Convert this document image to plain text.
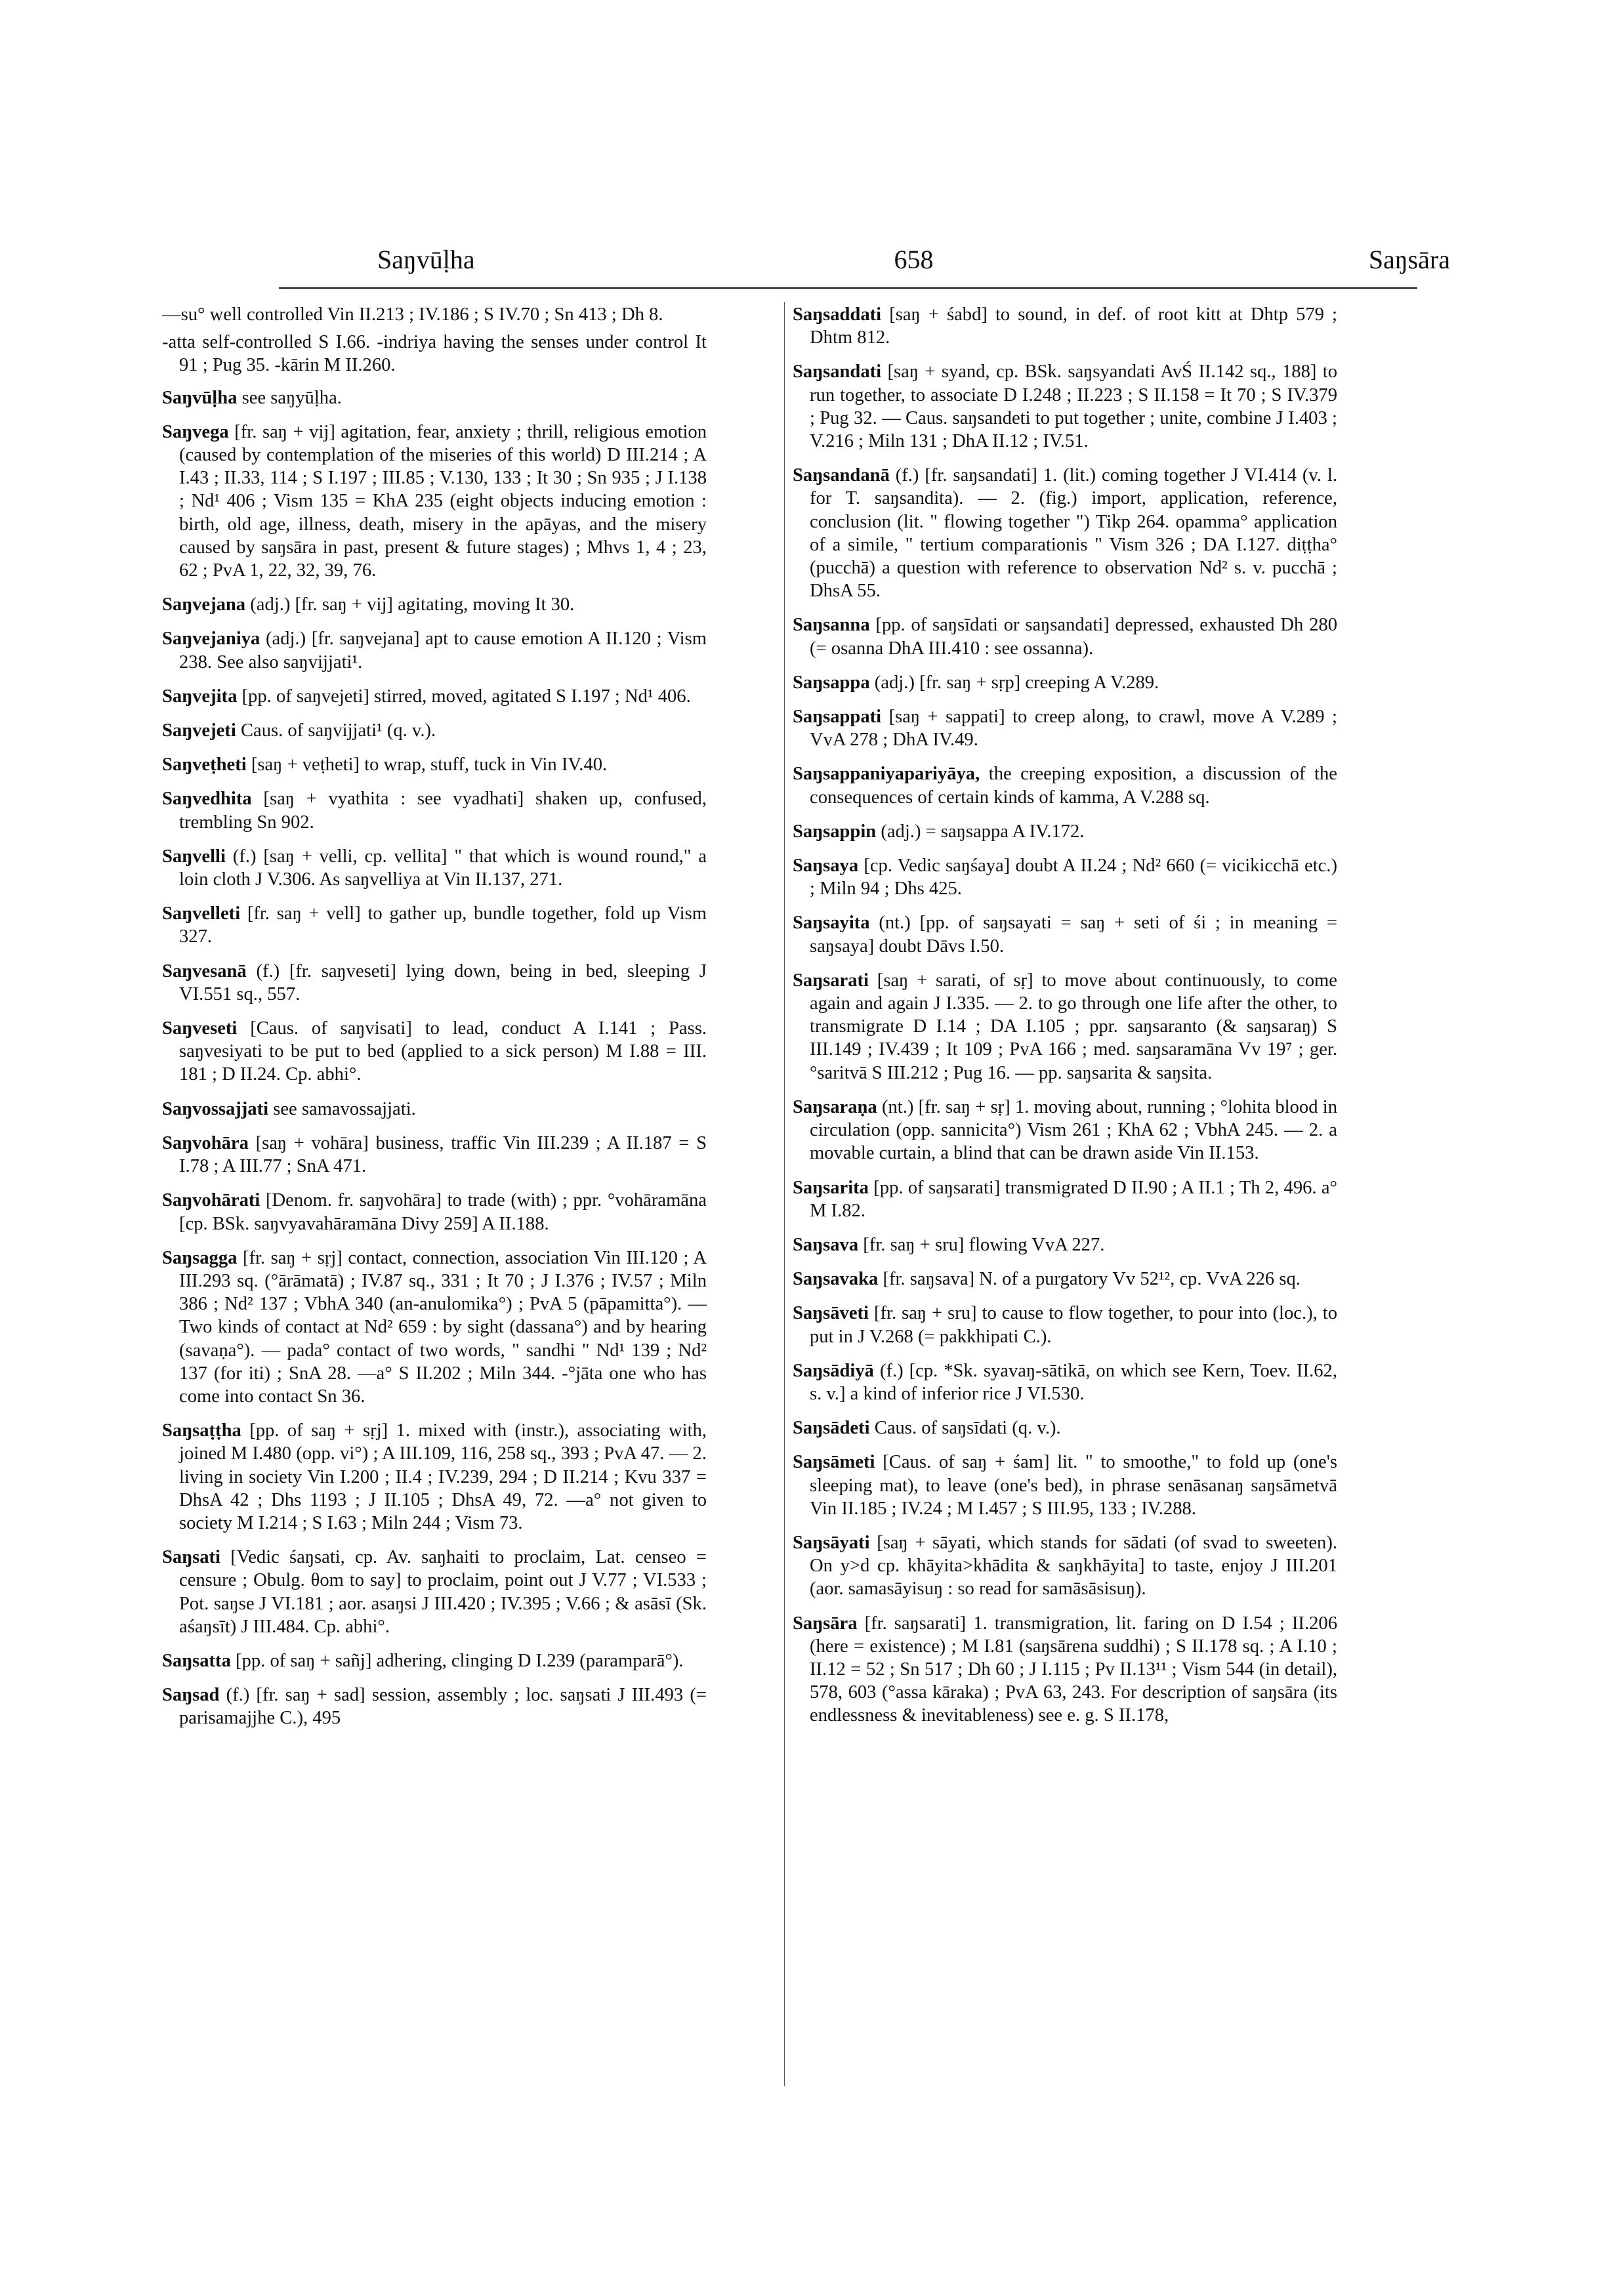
Saŋvūḷha	658	Saŋsāra

—su° well controlled Vin II.213 ; IV.186 ; S IV.70 ; Sn 413 ; Dh 8.

-atta self-controlled S I.66. -indriya having the senses under control It 91 ; Pug 35. -kārin M II.260.

Saŋvūḷha see saŋyūḷha.

Saŋvega [fr. saŋ + vij] agitation, fear, anxiety ; thrill, religious emotion (caused by contemplation of the miseries of this world) D III.214 ; A I.43 ; II.33, 114 ; S I.197 ; III.85 ; V.130, 133 ; It 30 ; Sn 935 ; J I.138 ; Nd¹ 406 ; Vism 135 = KhA 235 (eight objects inducing emotion : birth, old age, illness, death, misery in the apāyas, and the misery caused by saŋsāra in past, present & future stages) ; Mhvs 1, 4 ; 23, 62 ; PvA 1, 22, 32, 39, 76.

Saŋvejana (adj.) [fr. saŋ + vij] agitating, moving It 30.

Saŋvejaniya (adj.) [fr. saŋvejana] apt to cause emotion A II.120 ; Vism 238. See also saŋvijjati¹.

Saŋvejita [pp. of saŋvejeti] stirred, moved, agitated S I.197 ; Nd¹ 406.

Saŋvejeti Caus. of saŋvijjati¹ (q. v.).

Saŋveṭheti [saŋ + veṭheti] to wrap, stuff, tuck in Vin IV.40.

Saŋvedhita [saŋ + vyathita : see vyadhati] shaken up, confused, trembling Sn 902.

Saŋvelli (f.) [saŋ + velli, cp. vellita] " that which is wound round," a loin cloth J V.306. As saŋvelliya at Vin II.137, 271.

Saŋvelleti [fr. saŋ + vell] to gather up, bundle together, fold up Vism 327.

Saŋvesanā (f.) [fr. saŋveseti] lying down, being in bed, sleeping J VI.551 sq., 557.

Saŋveseti [Caus. of saŋvisati] to lead, conduct A I.141 ; Pass. saŋvesiyati to be put to bed (applied to a sick person) M I.88 = III. 181 ; D II.24. Cp. abhi°.

Saŋvossajjati see samavossajjati.

Saŋvohāra [saŋ + vohāra] business, traffic Vin III.239 ; A II.187 = S I.78 ; A III.77 ; SnA 471.

Saŋvohārati [Denom. fr. saŋvohāra] to trade (with) ; ppr. °vohāramāna [cp. BSk. saŋvyavahāramāna Divy 259] A II.188.

Saŋsagga [fr. saŋ + sṛj] contact, connection, association Vin III.120 ; A III.293 sq. (°ārāmatā) ; IV.87 sq., 331 ; It 70 ; J I.376 ; IV.57 ; Miln 386 ; Nd² 137 ; VbhA 340 (an-anulomika°) ; PvA 5 (pāpamitta°). — Two kinds of contact at Nd² 659 : by sight (dassana°) and by hearing (savaṇa°). — pada° contact of two words, " sandhi " Nd¹ 139 ; Nd² 137 (for iti) ; SnA 28. —a° S II.202 ; Miln 344. -°jāta one who has come into contact Sn 36.

Saŋsaṭṭha [pp. of saŋ + sṛj] 1. mixed with (instr.), associating with, joined M I.480 (opp. vi°) ; A III.109, 116, 258 sq., 393 ; PvA 47. — 2. living in society Vin I.200 ; II.4 ; IV.239, 294 ; D II.214 ; Kvu 337 = DhsA 42 ; Dhs 1193 ; J II.105 ; DhsA 49, 72. —a° not given to society M I.214 ; S I.63 ; Miln 244 ; Vism 73.

Saŋsati [Vedic śaŋsati, cp. Av. saŋhaiti to proclaim, Lat. censeo = censure ; Obulg. θom to say] to proclaim, point out J V.77 ; VI.533 ; Pot. saŋse J VI.181 ; aor. asaŋsi J III.420 ; IV.395 ; V.66 ; & asāsī (Sk. aśaŋsīt) J III.484. Cp. abhi°.

Saŋsatta [pp. of saŋ + sañj] adhering, clinging D I.239 (paramparā°).

Saŋsad (f.) [fr. saŋ + sad] session, assembly ; loc. saŋsati J III.493 (= parisamajjhe C.), 495

Saŋsaddati [saŋ + śabd] to sound, in def. of root kitt at Dhtp 579 ; Dhtm 812.

Saŋsandati [saŋ + syand, cp. BSk. saŋsyandati AvŚ II.142 sq., 188] to run together, to associate D I.248 ; II.223 ; S II.158 = It 70 ; S IV.379 ; Pug 32. — Caus. saŋsandeti to put together ; unite, combine J I.403 ; V.216 ; Miln 131 ; DhA II.12 ; IV.51.

Saŋsandanā (f.) [fr. saŋsandati] 1. (lit.) coming together J VI.414 (v. l. for T. saŋsandita). — 2. (fig.) import, application, reference, conclusion (lit. " flowing together ") Tikp 264. opamma° application of a simile, " tertium comparationis " Vism 326 ; DA I.127. diṭṭha° (pucchā) a question with reference to observation Nd² s. v. pucchā ; DhsA 55.

Saŋsanna [pp. of saŋsīdati or saŋsandati] depressed, exhausted Dh 280 (= osanna DhA III.410 : see ossanna).

Saŋsappa (adj.) [fr. saŋ + sṛp] creeping A V.289.

Saŋsappati [saŋ + sappati] to creep along, to crawl, move A V.289 ; VvA 278 ; DhA IV.49.

Saŋsappaniyapariyāya, the creeping exposition, a discussion of the consequences of certain kinds of kamma, A V.288 sq.

Saŋsappin (adj.) = saŋsappa A IV.172.

Saŋsaya [cp. Vedic saŋśaya] doubt A II.24 ; Nd² 660 (= vicikicchā etc.) ; Miln 94 ; Dhs 425.

Saŋsayita (nt.) [pp. of saŋsayati = saŋ + seti of śi ; in meaning = saŋsaya] doubt Dāvs I.50.

Saŋsarati [saŋ + sarati, of sṛ] to move about continuously, to come again and again J I.335. — 2. to go through one life after the other, to transmigrate D I.14 ; DA I.105 ; ppr. saŋsaranto (& saŋsaraŋ) S III.149 ; IV.439 ; It 109 ; PvA 166 ; med. saŋsaramāna Vv 19⁷ ; ger. °saritvā S III.212 ; Pug 16. — pp. saŋsarita & saŋsita.

Saŋsaraṇa (nt.) [fr. saŋ + sṛ] 1. moving about, running ; °lohita blood in circulation (opp. sannicita°) Vism 261 ; KhA 62 ; VbhA 245. — 2. a movable curtain, a blind that can be drawn aside Vin II.153.

Saŋsarita [pp. of saŋsarati] transmigrated D II.90 ; A II.1 ; Th 2, 496. a° M I.82.

Saŋsava [fr. saŋ + sru] flowing VvA 227.

Saŋsavaka [fr. saŋsava] N. of a purgatory Vv 52¹², cp. VvA 226 sq.

Saŋsāveti [fr. saŋ + sru] to cause to flow together, to pour into (loc.), to put in J V.268 (= pakkhipati C.).

Saŋsādiyā (f.) [cp. *Sk. syavaŋ-sātikā, on which see Kern, Toev. II.62, s. v.] a kind of inferior rice J VI.530.

Saŋsādeti Caus. of saŋsīdati (q. v.).

Saŋsāmeti [Caus. of saŋ + śam] lit. " to smoothe," to fold up (one's sleeping mat), to leave (one's bed), in phrase senāsanaŋ saŋsāmetvā Vin II.185 ; IV.24 ; M I.457 ; S III.95, 133 ; IV.288.

Saŋsāyati [saŋ + sāyati, which stands for sādati (of svad to sweeten). On y>d cp. khāyita>khādita & saŋkhāyita] to taste, enjoy J III.201 (aor. samasāyisuŋ : so read for samāsāsisuŋ).

Saŋsāra [fr. saŋsarati] 1. transmigration, lit. faring on D I.54 ; II.206 (here = existence) ; M I.81 (saŋsārena suddhi) ; S II.178 sq. ; A I.10 ; II.12 = 52 ; Sn 517 ; Dh 60 ; J I.115 ; Pv II.13¹¹ ; Vism 544 (in detail), 578, 603 (°assa kāraka) ; PvA 63, 243. For description of saŋsāra (its endlessness & inevitableness) see e. g. S II.178,
